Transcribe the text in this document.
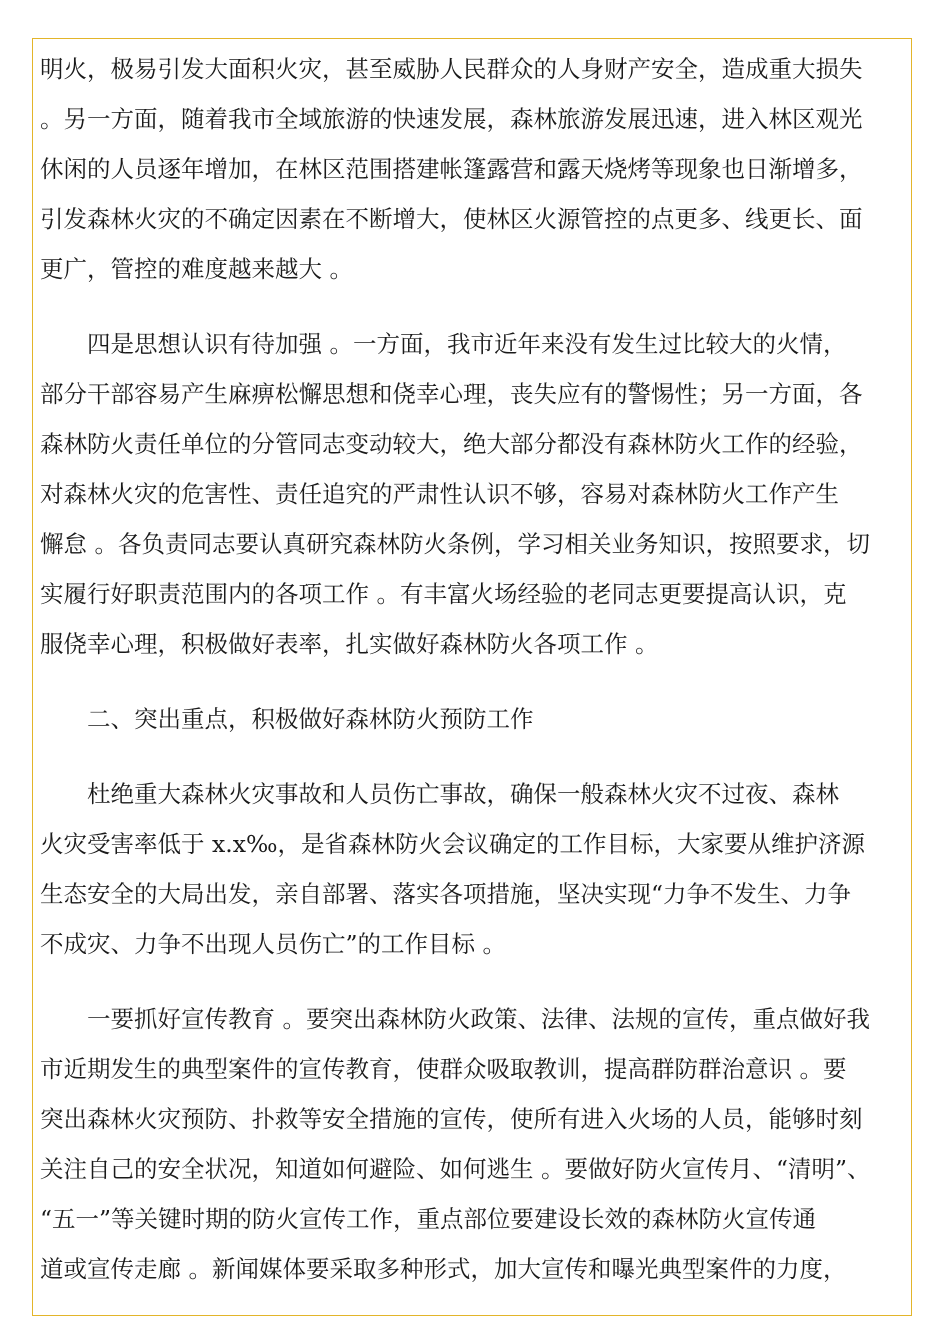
明火，极易引发大面积火灾，甚至威胁人民群众的人身财产安全，造成重大损失
。另一方面，随着我市全域旅游的快速发展，森林旅游发展迅速，进入林区观光
休闲的人员逐年增加，在林区范围搭建帐篷露营和露天烧烤等现象也日渐增多，
引发森林火灾的不确定因素在不断增大，使林区火源管控的点更多、线更长、面
更广，管控的难度越来越大 。
四是思想认识有待加强 。一方面，我市近年来没有发生过比较大的火情，
部分干部容易产生麻痹松懈思想和侥幸心理，丧失应有的警惕性；另一方面，各
森林防火责任单位的分管同志变动较大，绝大部分都没有森林防火工作的经验，
对森林火灾的危害性、责任追究的严肃性认识不够，容易对森林防火工作产生
懈怠 。各负责同志要认真研究森林防火条例，学习相关业务知识，按照要求，切
实履行好职责范围内的各项工作 。有丰富火场经验的老同志更要提高认识，克
服侥幸心理，积极做好表率，扎实做好森林防火各项工作 。
二、突出重点，积极做好森林防火预防工作
杜绝重大森林火灾事故和人员伤亡事故，确保一般森林火灾不过夜、森林
火灾受害率低于 x.x‰，是省森林防火会议确定的工作目标，大家要从维护济源
生态安全的大局出发，亲自部署、落实各项措施，坚决实现“力争不发生、力争
不成灾、力争不出现人员伤亡”的工作目标 。
一要抓好宣传教育 。要突出森林防火政策、法律、法规的宣传，重点做好我
市近期发生的典型案件的宣传教育，使群众吸取教训，提高群防群治意识 。要
突出森林火灾预防、扑救等安全措施的宣传，使所有进入火场的人员，能够时刻
关注自己的安全状况，知道如何避险、如何逃生 。要做好防火宣传月、“清明”、
“五一”等关键时期的防火宣传工作，重点部位要建设长效的森林防火宣传通
道或宣传走廊 。新闻媒体要采取多种形式，加大宣传和曝光典型案件的力度，
